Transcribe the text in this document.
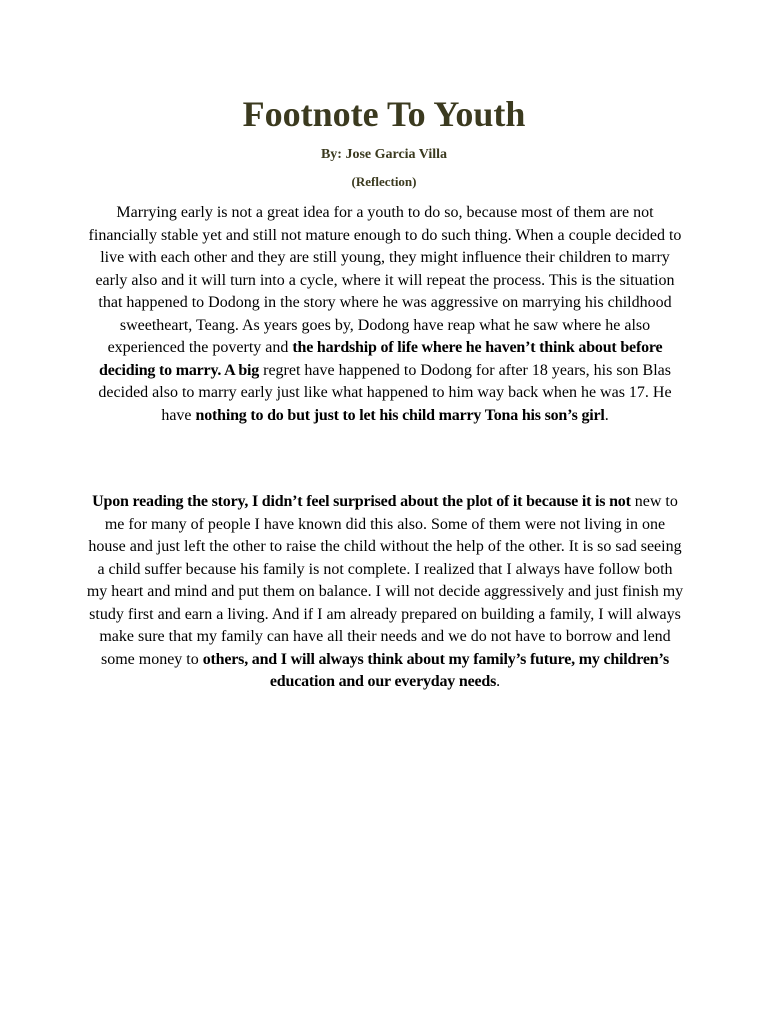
Footnote To Youth
By: Jose Garcia Villa
(Reflection)

Marrying early is not a great idea for a youth to do so, because most of them are not financially stable yet and still not mature enough to do such thing. When a couple decided to live with each other and they are still young, they might influence their children to marry early also and it will turn into a cycle, where it will repeat the process. This is the situation that happened to Dodong in the story where he was aggressive on marrying his childhood sweetheart, Teang. As years goes by, Dodong have reap what he saw where he also experienced the poverty and the hardship of life where he haven’t think about before deciding to marry. A big regret have happened to Dodong for after 18 years, his son Blas decided also to marry early just like what happened to him way back when he was 17. He have nothing to do but just to let his child marry Tona his son’s girl.

Upon reading the story, I didn’t feel surprised about the plot of it because it is not new to me for many of people I have known did this also. Some of them were not living in one house and just left the other to raise the child without the help of the other. It is so sad seeing a child suffer because his family is not complete. I realized that I always have follow both my heart and mind and put them on balance. I will not decide aggressively and just finish my study first and earn a living. And if I am already prepared on building a family, I will always make sure that my family can have all their needs and we do not have to borrow and lend some money to others, and I will always think about my family’s future, my children’s education and our everyday needs.
